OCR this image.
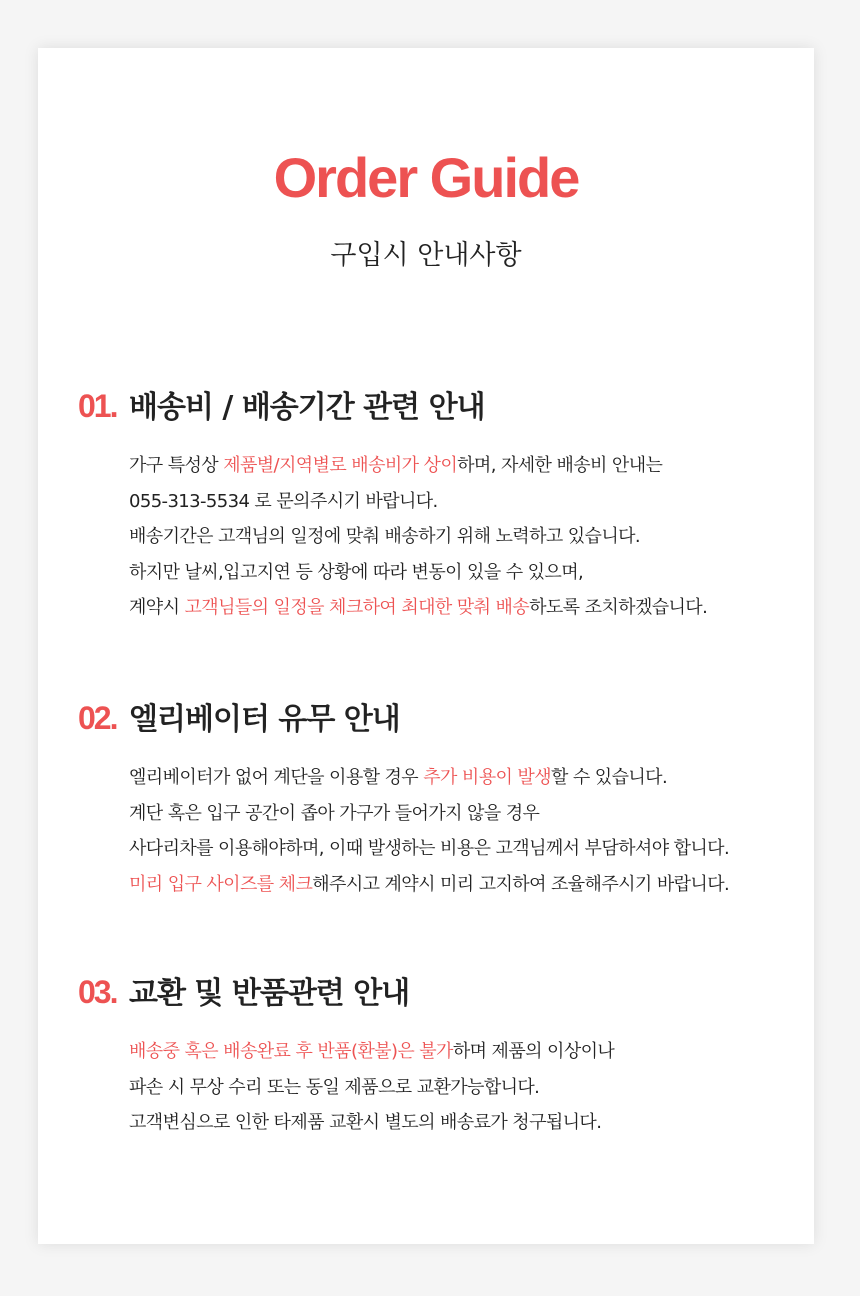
Order Guide
구입시 안내사항
01. 배송비 / 배송기간 관련 안내
가구 특성상 제품별/지역별로 배송비가 상이하며, 자세한 배송비 안내는
055-313-5534 로 문의주시기 바랍니다.
배송기간은 고객님의 일정에 맞춰 배송하기 위해 노력하고 있습니다.
하지만 날씨,입고지연 등 상황에 따라 변동이 있을 수 있으며,
계약시 고객님들의 일정을 체크하여 최대한 맞춰 배송하도록 조치하겠습니다.
02. 엘리베이터 유무 안내
엘리베이터가 없어 계단을 이용할 경우 추가 비용이 발생할 수 있습니다.
계단 혹은 입구 공간이 좁아 가구가 들어가지 않을 경우
사다리차를 이용해야하며, 이때 발생하는 비용은 고객님께서 부담하셔야 합니다.
미리 입구 사이즈를 체크해주시고 계약시 미리 고지하여 조율해주시기 바랍니다.
03. 교환 및 반품관련 안내
배송중 혹은 배송완료 후 반품(환불)은 불가하며 제품의 이상이나
파손 시 무상 수리 또는 동일 제품으로 교환가능합니다.
고객변심으로 인한 타제품 교환시 별도의 배송료가 청구됩니다.
